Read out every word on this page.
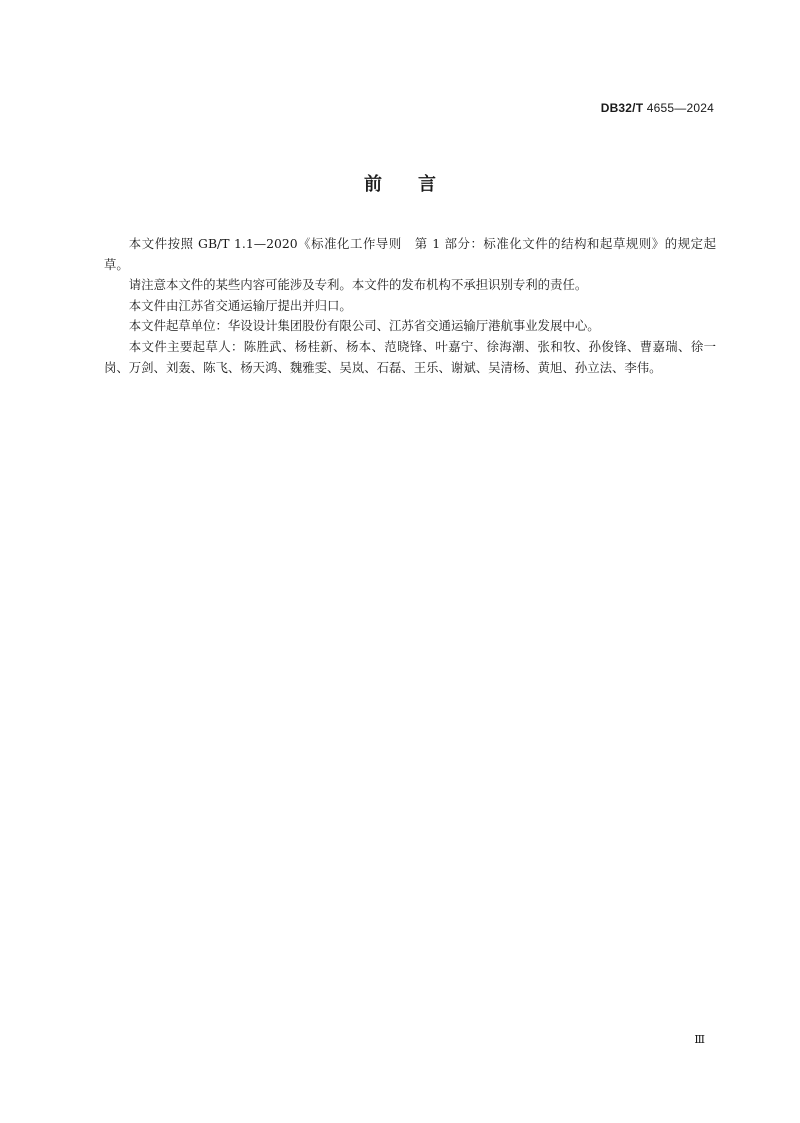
DB32/T 4655—2024
前言

本文件按照 GB/T 1.1—2020《标准化工作导则　第 1 部分：标准化文件的结构和起草规则》的规定起草。

请注意本文件的某些内容可能涉及专利。本文件的发布机构不承担识别专利的责任。

本文件由江苏省交通运输厅提出并归口。

本文件起草单位：华设设计集团股份有限公司、江苏省交通运输厅港航事业发展中心。

本文件主要起草人：陈胜武、杨桂新、杨本、范晓锋、叶嘉宁、徐海潮、张和牧、孙俊锋、曹嘉瑞、徐一岗、万剑、刘轰、陈飞、杨天鸿、魏雅雯、吴岚、石磊、王乐、谢斌、吴清杨、黄旭、孙立法、李伟。

Ⅲ
